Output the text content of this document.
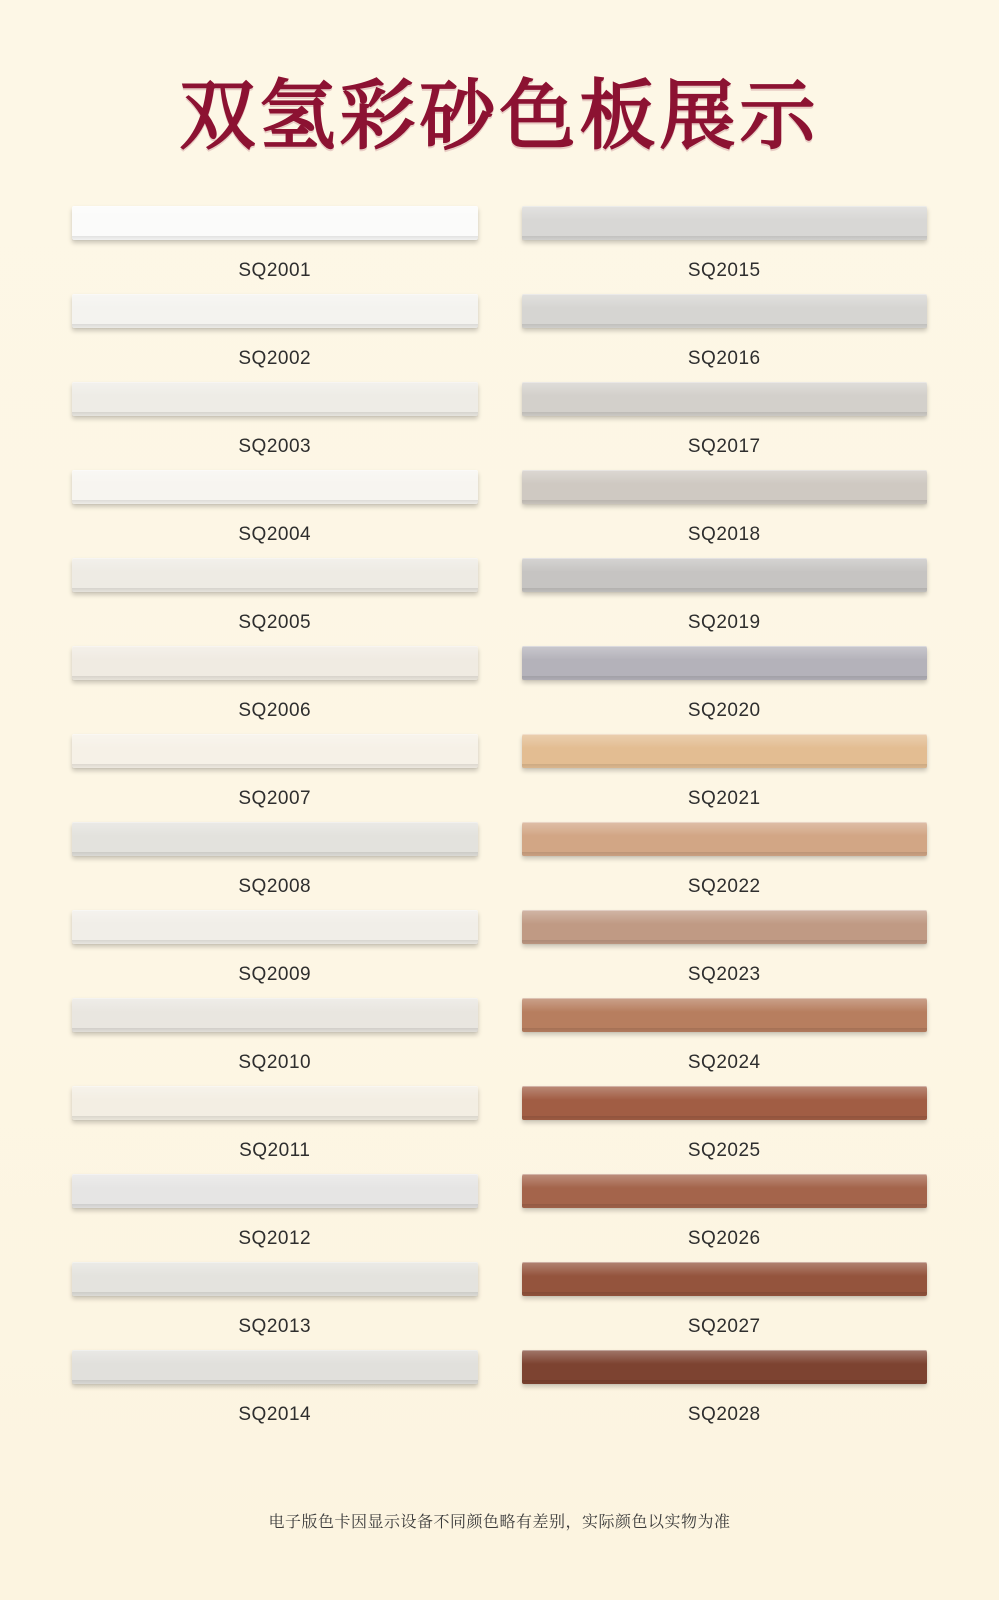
双氢彩砂色板展示
SQ2001	SQ2015
SQ2002	SQ2016
SQ2003	SQ2017
SQ2004	SQ2018
SQ2005	SQ2019
SQ2006	SQ2020
SQ2007	SQ2021
SQ2008	SQ2022
SQ2009	SQ2023
SQ2010	SQ2024
SQ2011	SQ2025
SQ2012	SQ2026
SQ2013	SQ2027
SQ2014	SQ2028
电子版色卡因显示设备不同颜色略有差别，实际颜色以实物为准
